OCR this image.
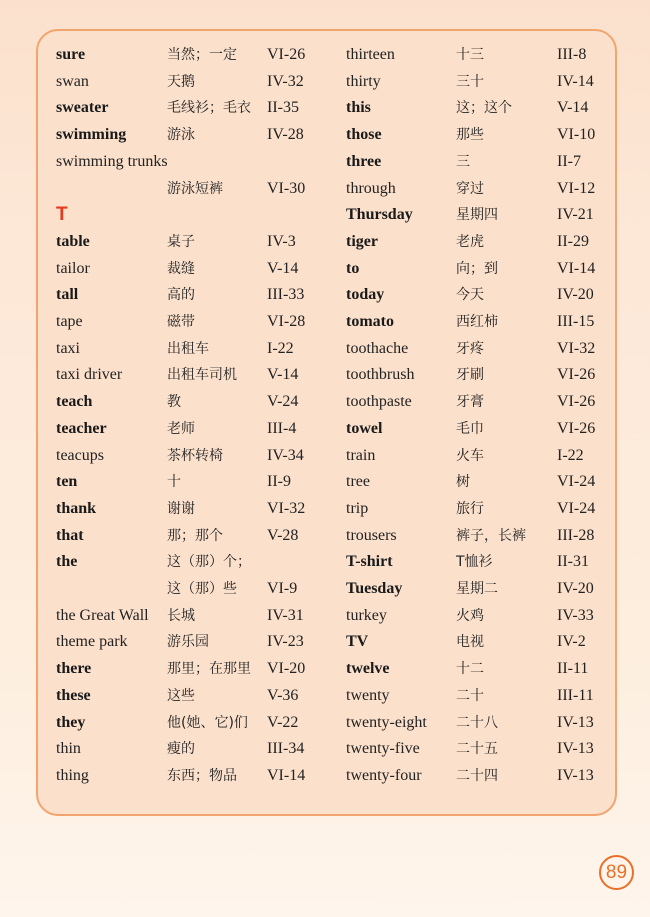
sure	当然；一定 VI-26
swan	天鹅	IV-32
sweater	毛线衫；毛衣 II-35
swimming	游泳	IV-28
swimming trunks
游泳短裤	VI-30
T
table	桌子	IV-3
tailor	裁缝	V-14
tall	高的	III-33
tape	磁带	VI-28
taxi	出租车	I-22
taxi driver	出租车司机 V-14
teach	教	V-24
teacher	老师	III-4
teacups	茶杯转椅	IV-34
ten	十	II-9
thank	谢谢	VI-32
that	那；那个	V-28
the	这（那）个；
这（那）些 VI-9
the Great Wall 长城	IV-31
theme park	游乐园	IV-23
there	那里；在那里 VI-20
these	这些	V-36
they	他(她、它)们 V-22
thin	瘦的	III-34
thing	东西；物品 VI-14
thirteen	十三	III-8
thirty	三十	IV-14
this	这；这个	V-14
those	那些	VI-10
three	三	II-7
through	穿过	VI-12
Thursday	星期四	IV-21
tiger	老虎	II-29
to	向；到	VI-14
today	今天	IV-20
tomato	西红柿	III-15
toothache	牙疼	VI-32
toothbrush	牙刷	VI-26
toothpaste	牙膏	VI-26
towel	毛巾	VI-26
train	火车	I-22
tree	树	VI-24
trip	旅行	VI-24
trousers	裤子，长裤 III-28
T-shirt	T恤衫	II-31
Tuesday	星期二	IV-20
turkey	火鸡	IV-33
TV	电视	IV-2
twelve	十二	II-11
twenty	二十	III-11
twenty-eight 二十八	IV-13
twenty-five	二十五	IV-13
twenty-four 二十四	IV-13
89
